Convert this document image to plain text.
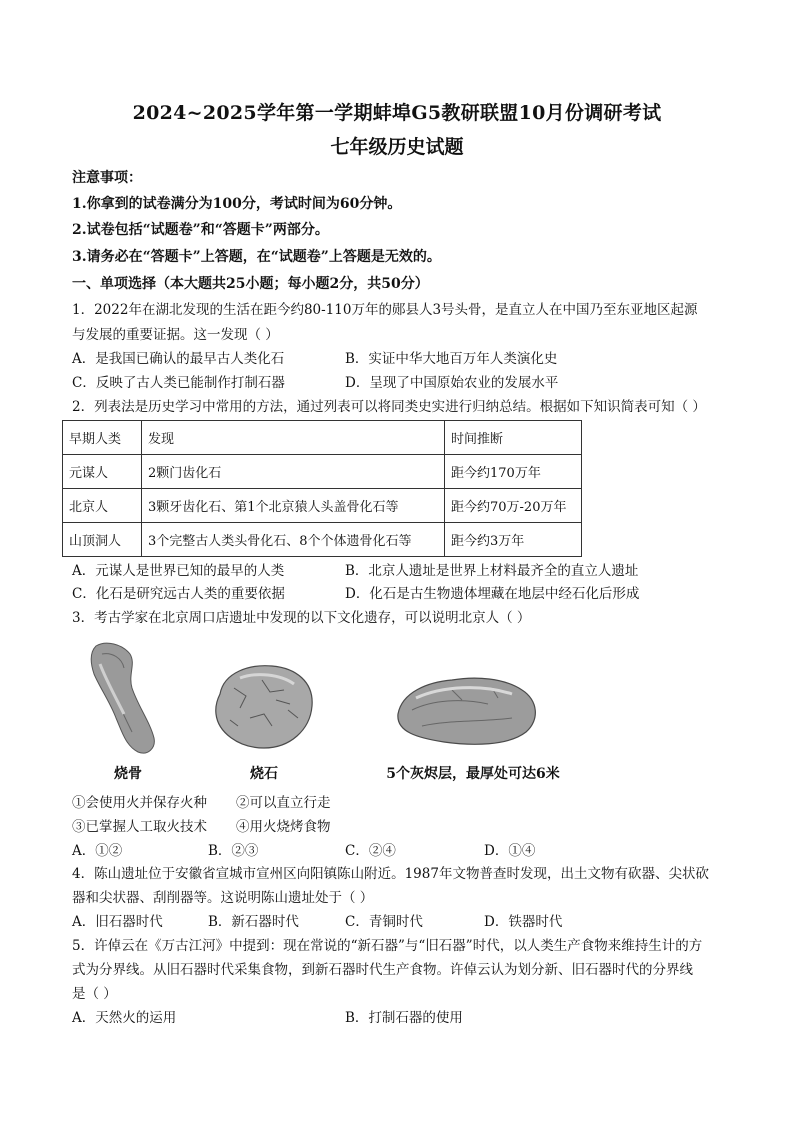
2024~2025学年第一学期蚌埠G5教研联盟10月份调研考试
七年级历史试题
注意事项：
1.你拿到的试卷满分为100分，考试时间为60分钟。
2.试卷包括“试题卷”和“答题卡”两部分。
3.请务必在“答题卡”上答题，在“试题卷”上答题是无效的。
一、单项选择（本大题共25小题；每小题2分，共50分）
1．2022年在湖北发现的生活在距今约80-110万年的郧县人3号头骨，是直立人在中国乃至东亚地区起源
与发展的重要证据。这一发现（ ）
A．是我国已确认的最早古人类化石	B．实证中华大地百万年人类演化史
C．反映了古人类已能制作打制石器	D．呈现了中国原始农业的发展水平
2．列表法是历史学习中常用的方法，通过列表可以将同类史实进行归纳总结。根据如下知识简表可知（ ）
早期人类	发现	时间推断
元谋人	2颗门齿化石	距今约170万年
北京人	3颗牙齿化石、第1个北京猿人头盖骨化石等	距今约70万-20万年
山顶洞人	3个完整古人类头骨化石、8个个体遗骨化石等	距今约3万年
A．元谋人是世界已知的最早的人类	B．北京人遗址是世界上材料最齐全的直立人遗址
C．化石是研究远古人类的重要依据	D．化石是古生物遗体埋藏在地层中经石化后形成
3．考古学家在北京周口店遗址中发现的以下文化遗存，可以说明北京人（ ）
烧骨	烧石	5个灰烬层，最厚处可达6米
①会使用火并保存火种 ②可以直立行走
③已掌握人工取火技术 ④用火烧烤食物
A．①②	B．②③	C．②④	D．①④
4．陈山遗址位于安徽省宣城市宣州区向阳镇陈山附近。1987年文物普查时发现，出土文物有砍器、尖状砍
器和尖状器、刮削器等。这说明陈山遗址处于（ ）
A．旧石器时代	B．新石器时代	C．青铜时代	D．铁器时代
5．许倬云在《万古江河》中提到：现在常说的“新石器”与“旧石器”时代，以人类生产食物来维持生计的方
式为分界线。从旧石器时代采集食物，到新石器时代生产食物。许倬云认为划分新、旧石器时代的分界线
是（ ）
A．天然火的运用	B．打制石器的使用
